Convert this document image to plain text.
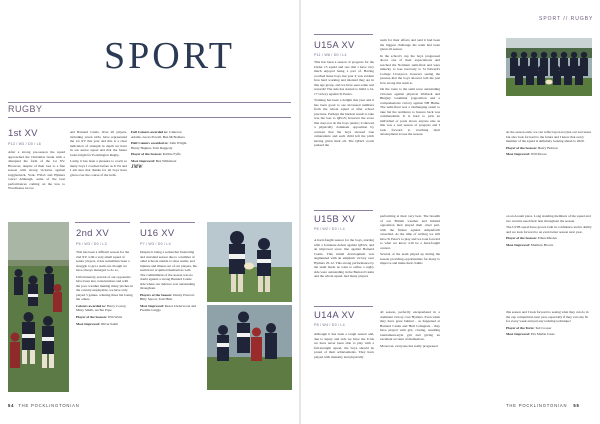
SPORT
RUGBY
1st XV
P13 / W3 / D0 / L6

After a strong pre-season the squad approached the Christmas break with a disrupted the form of the 1st XV. However, despite of their loss to a fine season with strong victories against Giggleswick, York, PSGS and Hymers voice! Although, some of the best performances coming on the loss to Woodhouse Grove

and Barnard Castle. Over 20 players, including seven u16s, have represented the 1st XV this year and this is a clear indication of strength in depth we have in our senior squad and that the future looks bright for Pocklington Rugby.

Lastly, it has been a pleasure to coach so many boys I coached before as U15s and I am sure that thanks for all boys have given over the course of the term.

Full Colours awarded to: Cameron Adams, Lucas Powell, Ben McNamara

Half Colours awarded to: John Wright, Henry Hughes, Tom Daggerty

Player of the Season: Robbie Fyffe

Most Improved: Ben Wilkinson

JMW
2nd XV
P6 / W3 / D0 / L3

This has been a difficult season for the 2nd XV, with a very small squad of senior players, it has sometimes been a struggle to get a team out, though we have always managed to do so.

Unfortunately, several of our opponents have been less conscientious and with the poor weather making many pitches in the country unplayable, we have only played 5 games, winning three but losing the others.

Colours awarded to: Harry Cowey, Misty Smith, Archie Pope

Player of the Season: Will Watts

Most Improved: Oliver Keith

U16 XV
P7 / W3 / D0 / L4

Despite it being a somewhat frustrating and curtailed season due to a number of other schools unable to raise teams, and injuries and illness out of our players, the team have acquitted themselves well. The commitment of the season was no doubt against a strong Barnard Castle side where our defence was outstanding throughout.

Players of the Season: Danny Prescott, Billy Sproat, Tom Hirst

Most Improved: Reece Underwood and Freddie Griggs

54 THE POCKLINGTONIAN
SPORT // RUGBY
U15A XV
P11 / W8 / D0 / L4

This has been a season of progress for the Under 15 squad and one that I have very much enjoyed being a part of. Having coached these boys last year it was evident how hard working and talented they are in this age group, and we have seen some real rewards! The side has started to build a 14-17 victory against St Peters.

Training has been a delight this year and it has been good to see increased numbers from the whole squad at after school practices. Perhaps the hardest result to take was the loss to QEGS; however the score line does not do the boys justice; it showed a physically dominant opposition by contrast that the boys showed true camaraderie and each child left the pitch having given their all. The QEGS coach praised the

team for their efforts and said it had been the biggest challenge his team had been given all season.

In the school's cup the boys progressed above one of their expectations and reached the Northern semi-final and were unlucky to lose narrowly to St Edward's College Liverpool, however seeing the passion that the boys showed told me just how strong this team is.

On the route to the semi were outstanding victories against physical Welbeck and Bingley Grammar (opposition and a comprehensive victory against NH Hume. The semi-final was a challenging result to take but the resilience to bounce back was commendable. It is hard to pick an individual or posts above anyone else as this was a real season of progress and I look forward to watching their development across the season.

At the season ends, we can reflect upon not just our successes but also look forward to the future and I know that every member of the squad is definitely looking ahead to 2020.

Player of the Season: Henry Hobson

Most Improved: Will Moore

U15B XV
P6 / W2 / D0 / L4

A hard-fought season for the boys, starting with a fortunate defeat against QEGS, and an improved score line against Barnard Castle. This initial development was augmented with an emphatic victory over Hymers 25-12. This strong performance by the team made us want to refine a rugby side were outstanding in the Barnard Castle and the whole squad, had many players

performing at their very best. The breadth of our British weather and limited opposition then played their cruel part, with the fixture against Ampleforth cancelled. At the time of writing we still have St Peter's to play and we look forward to what we know will be a hard-fought contest.

Several of the team played up during the season providing opportunities for many to improve and make their claims

on an A team place. Long standing members of the squad and two recruits need their best throughout the season.

The U15B squad have grown both in confidence and in ability and we look forward to an even better season next year.

Player of the Season: Ethan Rhodes

Most Improved: Matthew Brown

U14A XV
P8 / W4 / D0 / L4

Although it has been a tough season and, due to injury and sick we have the U14s we have never been able to play with a full-strength squad, the boys should be proud of their achievements. They have played with intensity and physically

all season, perfectly encapsulated in a dominant victory over Hymers. Even when they have gone behind - as happened at Barnard Castle and Hull Collegiate - they have played with grit, closing, resulting tournament-style grit and giving an excellent account of themselves.

Moreover, everyone has really progressed

this season and I look forward to seeing what they can do in the cup competition next year, especially if they can stay fit for every week and put any tackling technique!

Player of the Term: Ted Cooper

Most Improved: Pax Martin Jones

THE POCKLINGTONIAN 55
